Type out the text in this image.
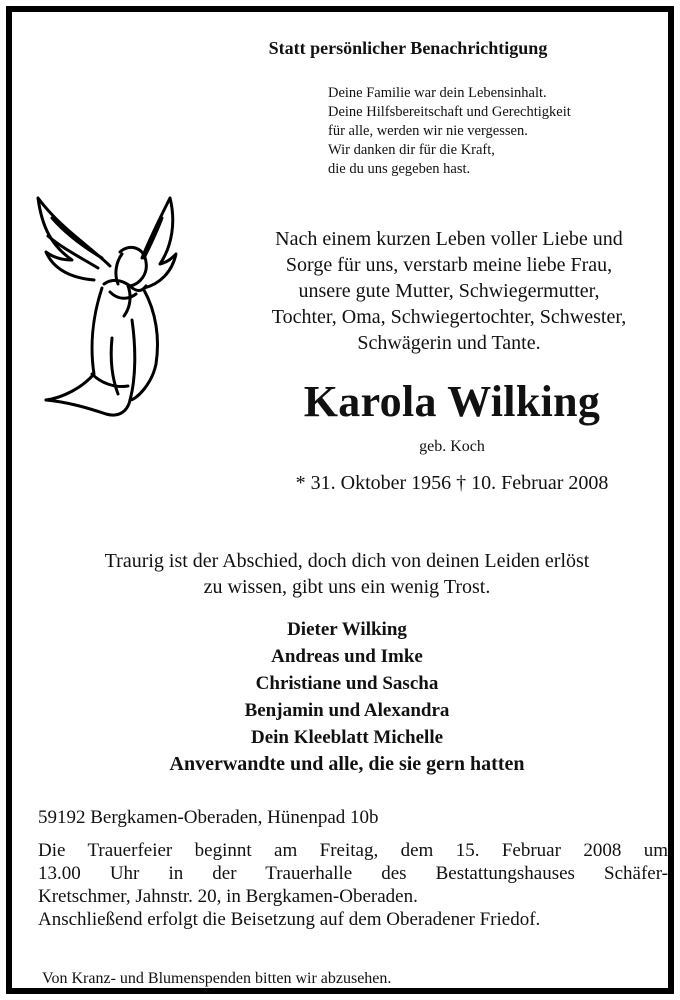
Statt persönlicher Benachrichtigung
Deine Familie war dein Lebensinhalt.
Deine Hilfsbereitschaft und Gerechtigkeit
für alle, werden wir nie vergessen.
Wir danken dir für die Kraft,
die du uns gegeben hast.
Nach einem kurzen Leben voller Liebe und
Sorge für uns, verstarb meine liebe Frau,
unsere gute Mutter, Schwiegermutter,
Tochter, Oma, Schwiegertochter, Schwester,
Schwägerin und Tante.
Karola Wilking
geb. Koch
* 31. Oktober 1956 † 10. Februar 2008
Traurig ist der Abschied, doch dich von deinen Leiden erlöst
zu wissen, gibt uns ein wenig Trost.
Dieter Wilking
Andreas und Imke
Christiane und Sascha
Benjamin und Alexandra
Dein Kleeblatt Michelle
Anverwandte und alle, die sie gern hatten
59192 Bergkamen-Oberaden, Hünenpad 10b
Die Trauerfeier beginnt am Freitag, dem 15. Februar 2008 um
13.00 Uhr in der Trauerhalle des Bestattungshauses Schäfer-
Kretschmer, Jahnstr. 20, in Bergkamen-Oberaden.
Anschließend erfolgt die Beisetzung auf dem Oberadener Friedof.
Von Kranz- und Blumenspenden bitten wir abzusehen.
